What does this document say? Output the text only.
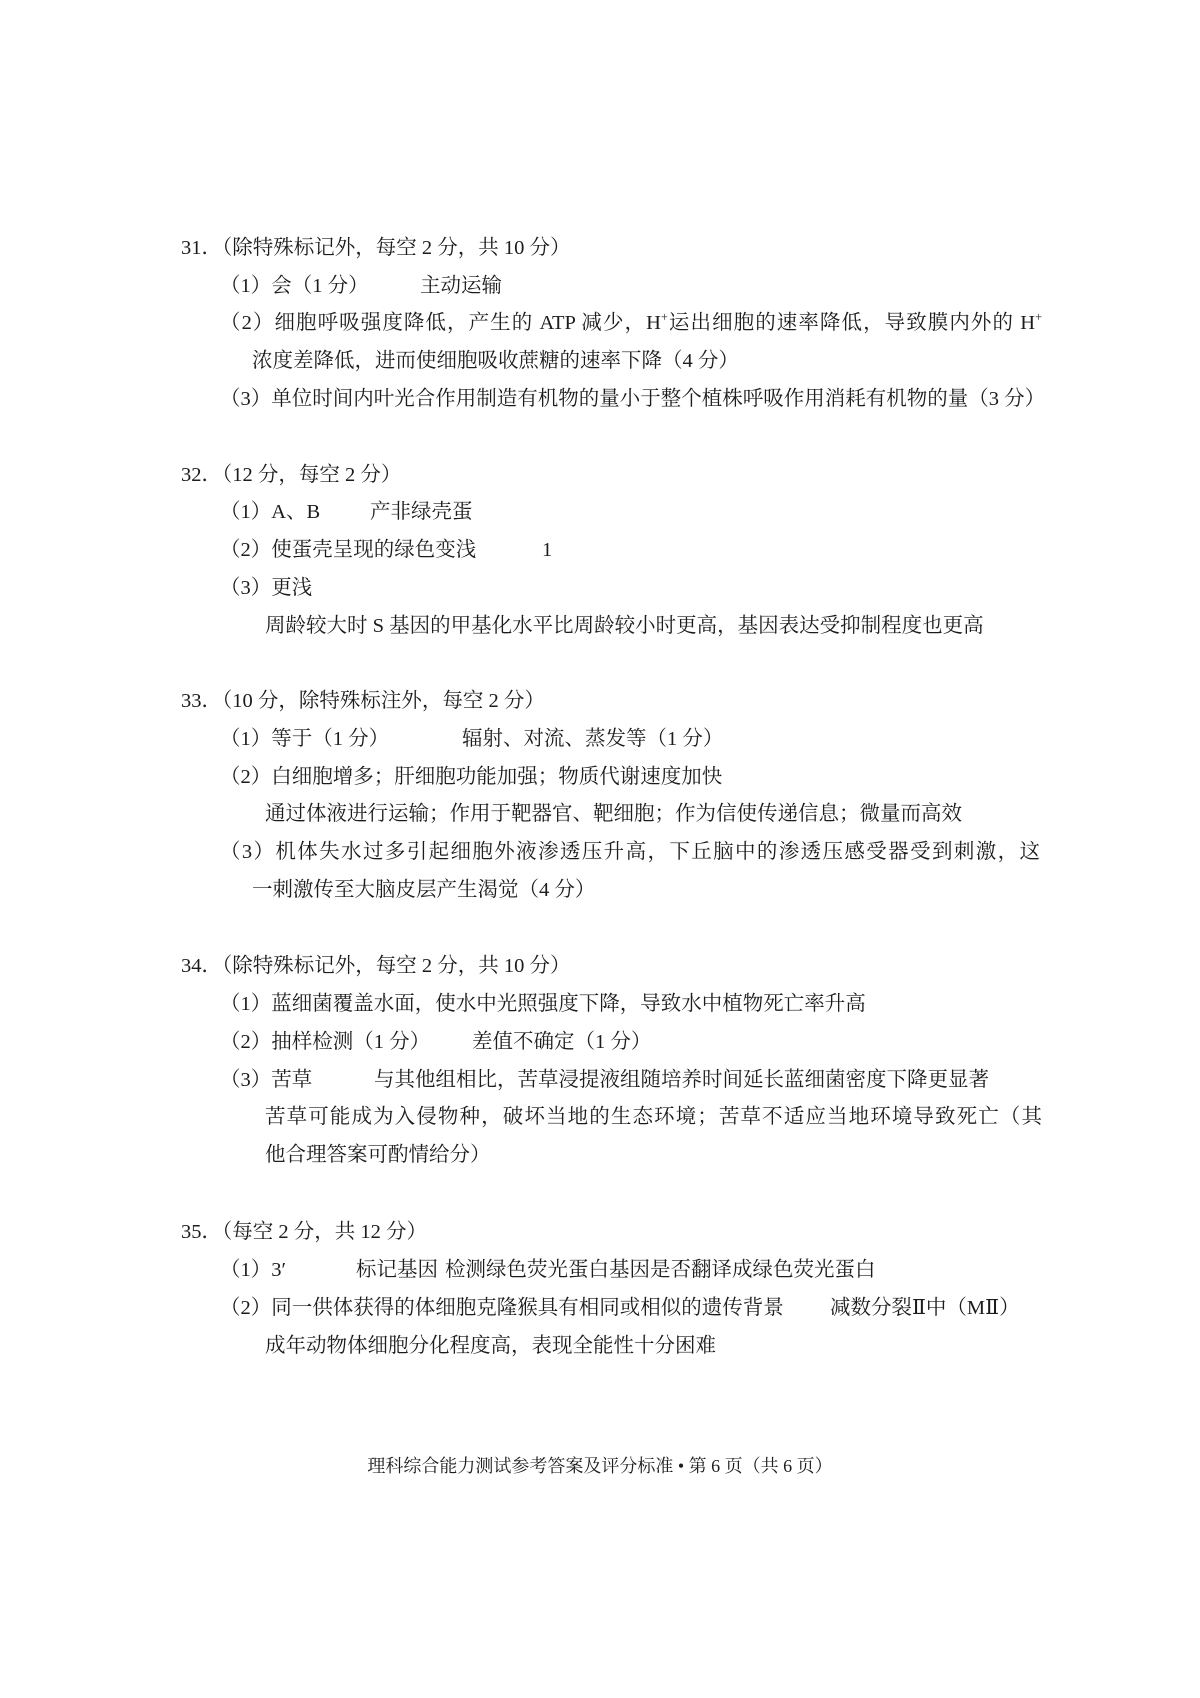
31．（除特殊标记外，每空 2 分，共 10 分）
（1）会（1 分）	主动运输
（2）细胞呼吸强度降低，产生的 ATP 减少，H+运出细胞的速率降低，导致膜内外的 H+
浓度差降低，进而使细胞吸收蔗糖的速率下降（4 分）
（3）单位时间内叶光合作用制造有机物的量小于整个植株呼吸作用消耗有机物的量（3 分）
32．（12 分，每空 2 分）
（1）A、B 产非绿壳蛋
（2）使蛋壳呈现的绿色变浅	1
（3）更浅
周龄较大时 S 基因的甲基化水平比周龄较小时更高，基因表达受抑制程度也更高
33．（10 分，除特殊标注外，每空 2 分）
（1）等于（1 分）	辐射、对流、蒸发等（1 分）
（2）白细胞增多；肝细胞功能加强；物质代谢速度加快
通过体液进行运输；作用于靶器官、靶细胞；作为信使传递信息；微量而高效
（3）机体失水过多引起细胞外液渗透压升高，下丘脑中的渗透压感受器受到刺激，这
一刺激传至大脑皮层产生渴觉（4 分）
34．（除特殊标记外，每空 2 分，共 10 分）
（1）蓝细菌覆盖水面，使水中光照强度下降，导致水中植物死亡率升高
（2）抽样检测（1 分） 差值不确定（1 分）
（3）苦草	与其他组相比，苦草浸提液组随培养时间延长蓝细菌密度下降更显著
苦草可能成为入侵物种，破坏当地的生态环境；苦草不适应当地环境导致死亡（其
他合理答案可酌情给分）
35．（每空 2 分，共 12 分）
（1）3′	标记基因 检测绿色荧光蛋白基因是否翻译成绿色荧光蛋白
（2）同一供体获得的体细胞克隆猴具有相同或相似的遗传背景 减数分裂Ⅱ中（MⅡ）
成年动物体细胞分化程度高，表现全能性十分困难
理科综合能力测试参考答案及评分标准 • 第 6 页（共 6 页）
